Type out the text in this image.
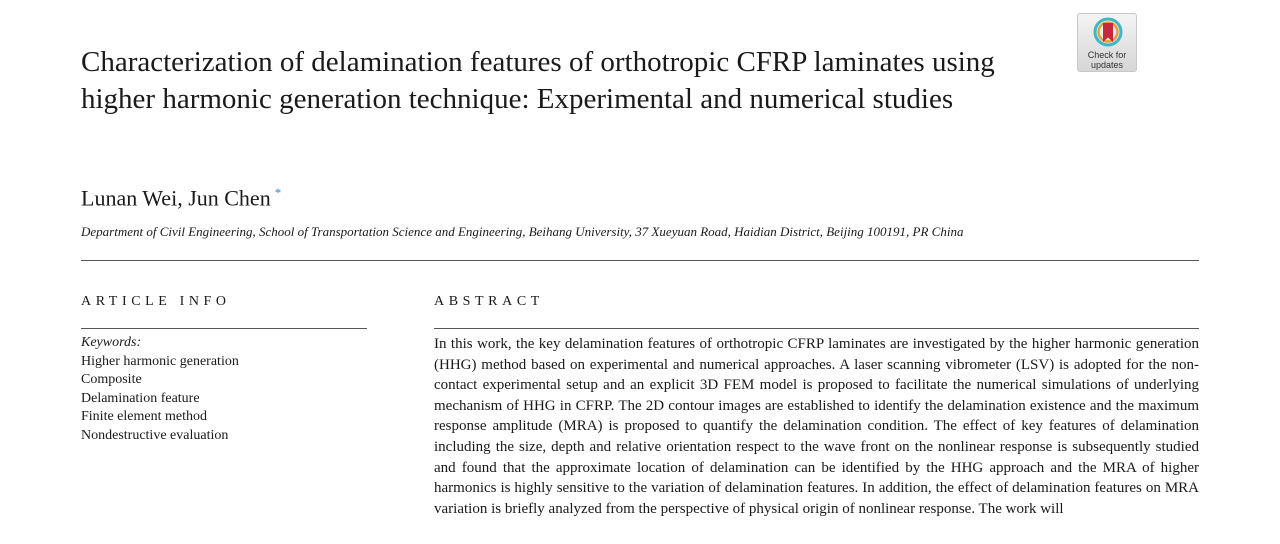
Characterization of delamination features of orthotropic CFRP laminates using higher harmonic generation technique: Experimental and numerical studies
Check for
updates
Lunan Wei, Jun Chen *
Department of Civil Engineering, School of Transportation Science and Engineering, Beihang University, 37 Xueyuan Road, Haidian District, Beijing 100191, PR China
ARTICLE INFO	ABSTRACT
Keywords:
Higher harmonic generation
Composite
Delamination feature
Finite element method
Nondestructive evaluation

In this work, the key delamination features of orthotropic CFRP laminates are investigated by the higher harmonic generation (HHG) method based on experimental and numerical approaches. A laser scanning vibrometer (LSV) is adopted for the non-contact experimental setup and an explicit 3D FEM model is proposed to facilitate the numerical simulations of underlying mechanism of HHG in CFRP. The 2D contour images are established to identify the delamination existence and the maximum response amplitude (MRA) is proposed to quantify the delamination condition. The effect of key features of delamination including the size, depth and relative orientation respect to the wave front on the nonlinear response is subsequently studied and found that the approximate location of delamination can be identified by the HHG approach and the MRA of higher harmonics is highly sensitive to the variation of delamination features. In addition, the effect of delamination features on MRA variation is briefly analyzed from the perspective of physical origin of nonlinear response. The work will
